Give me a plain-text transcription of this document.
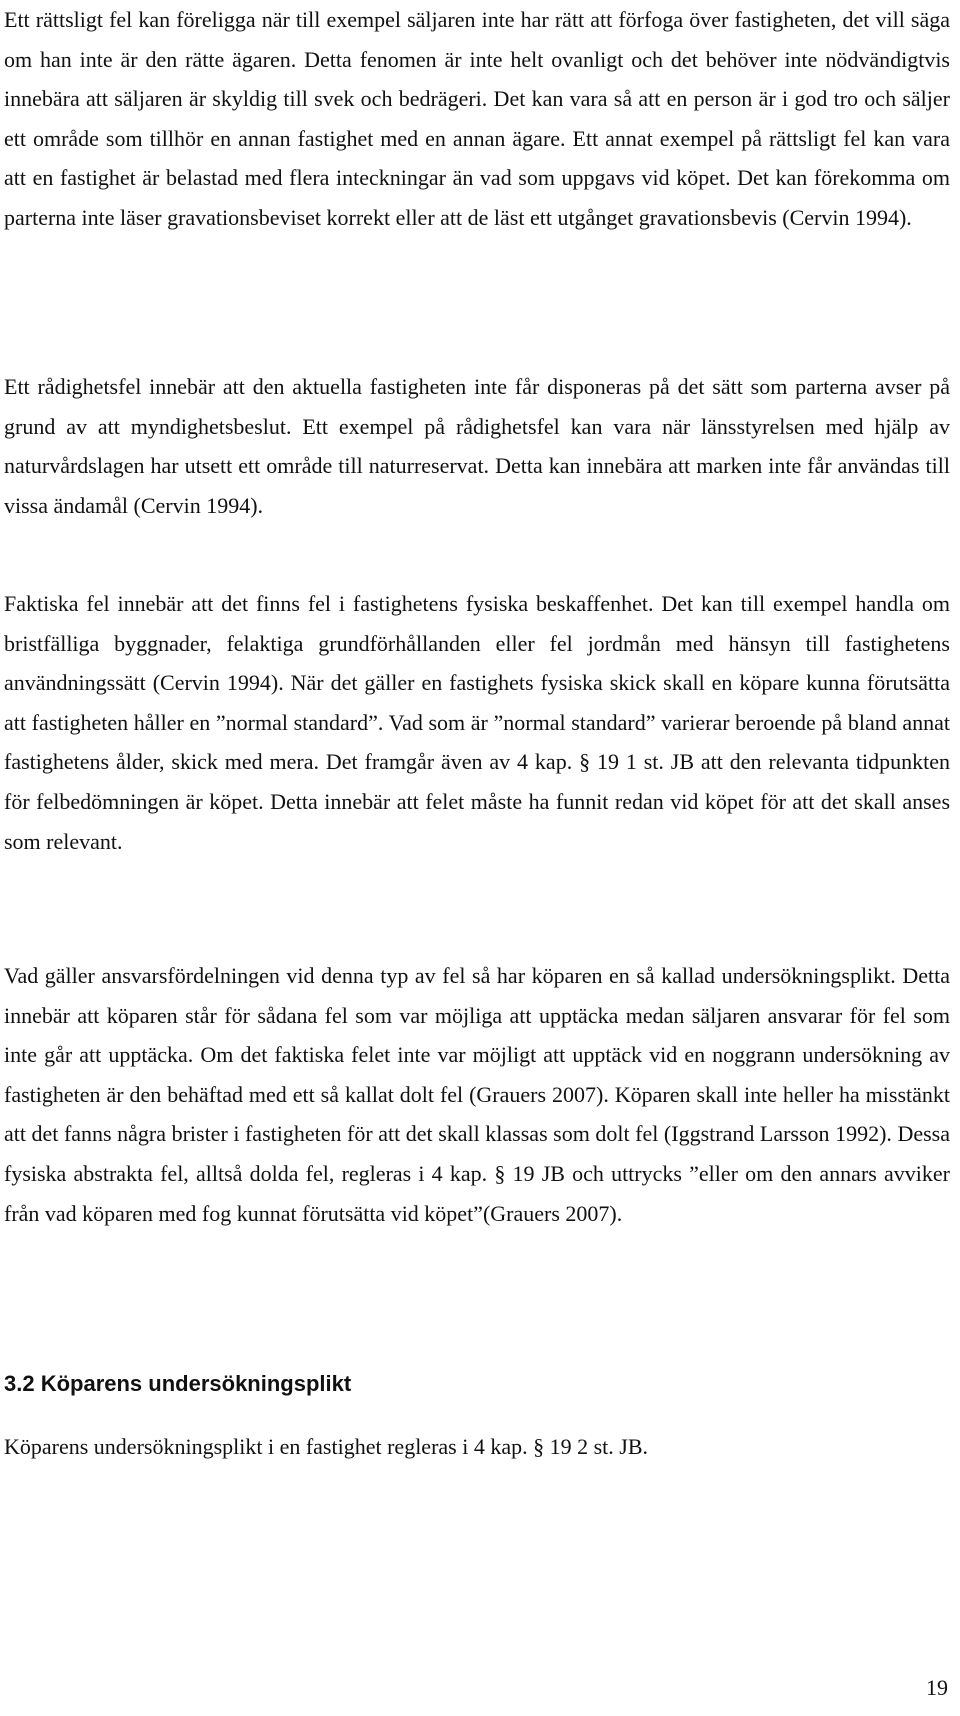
Ett rättsligt fel kan föreligga när till exempel säljaren inte har rätt att förfoga över fastigheten, det vill säga om han inte är den rätte ägaren. Detta fenomen är inte helt ovanligt och det behöver inte nödvändigtvis innebära att säljaren är skyldig till svek och bedrägeri. Det kan vara så att en person är i god tro och säljer ett område som tillhör en annan fastighet med en annan ägare. Ett annat exempel på rättsligt fel kan vara att en fastighet är belastad med flera inteckningar än vad som uppgavs vid köpet. Det kan förekomma om parterna inte läser gravationsbeviset korrekt eller att de läst ett utgånget gravationsbevis (Cervin 1994).

Ett rådighetsfel innebär att den aktuella fastigheten inte får disponeras på det sätt som parterna avser på grund av att myndighetsbeslut. Ett exempel på rådighetsfel kan vara när länsstyrelsen med hjälp av naturvårdslagen har utsett ett område till naturreservat. Detta kan innebära att marken inte får användas till vissa ändamål (Cervin 1994).

Faktiska fel innebär att det finns fel i fastighetens fysiska beskaffenhet. Det kan till exempel handla om bristfälliga byggnader, felaktiga grundförhållanden eller fel jordmån med hänsyn till fastighetens användningssätt (Cervin 1994). När det gäller en fastighets fysiska skick skall en köpare kunna förutsätta att fastigheten håller en ”normal standard”. Vad som är ”normal standard” varierar beroende på bland annat fastighetens ålder, skick med mera. Det framgår även av 4 kap. § 19 1 st. JB att den relevanta tidpunkten för felbedömningen är köpet. Detta innebär att felet måste ha funnit redan vid köpet för att det skall anses som relevant.

Vad gäller ansvarsfördelningen vid denna typ av fel så har köparen en så kallad undersökningsplikt. Detta innebär att köparen står för sådana fel som var möjliga att upptäcka medan säljaren ansvarar för fel som inte går att upptäcka. Om det faktiska felet inte var möjligt att upptäck vid en noggrann undersökning av fastigheten är den behäftad med ett så kallat dolt fel (Grauers 2007). Köparen skall inte heller ha misstänkt att det fanns några brister i fastigheten för att det skall klassas som dolt fel (Iggstrand Larsson 1992). Dessa fysiska abstrakta fel, alltså dolda fel, regleras i 4 kap. § 19 JB och uttrycks ”eller om den annars avviker från vad köparen med fog kunnat förutsätta vid köpet”(Grauers 2007).

3.2 Köparens undersökningsplikt

Köparens undersökningsplikt i en fastighet regleras i 4 kap. § 19 2 st. JB.

19
